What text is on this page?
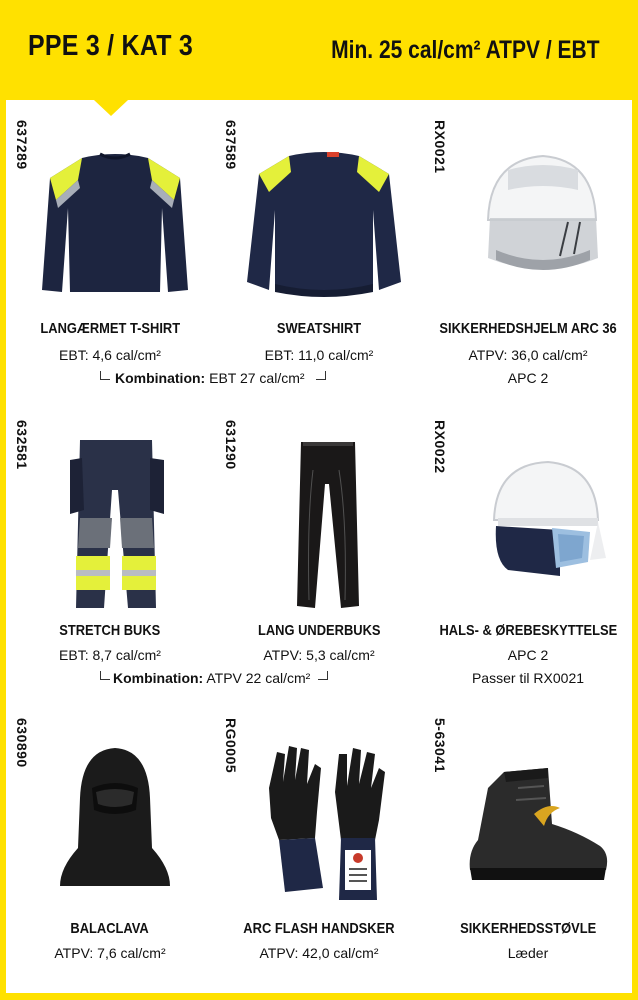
PPE 3 / KAT 3	Min. 25 cal/cm² ATPV / EBT
637289
LANGÆRMET T-SHIRT
EBT: 4,6 cal/cm²
637589
SWEATSHIRT
EBT: 11,0 cal/cm²
RX0021
SIKKERHEDSHJELM ARC 36
ATPV: 36,0 cal/cm²
APC 2
Kombination: EBT 27 cal/cm²
632581
STRETCH BUKS
EBT: 8,7 cal/cm²
631290
LANG UNDERBUKS
ATPV: 5,3 cal/cm²
RX0022
HALS- & ØREBESKYTTELSE
APC 2
Passer til RX0021
Kombination: ATPV 22 cal/cm²
630890
BALACLAVA
ATPV: 7,6 cal/cm²
RG0005
ARC FLASH HANDSKER
ATPV: 42,0 cal/cm²
5-63041
SIKKERHEDSSTØVLE
Læder
